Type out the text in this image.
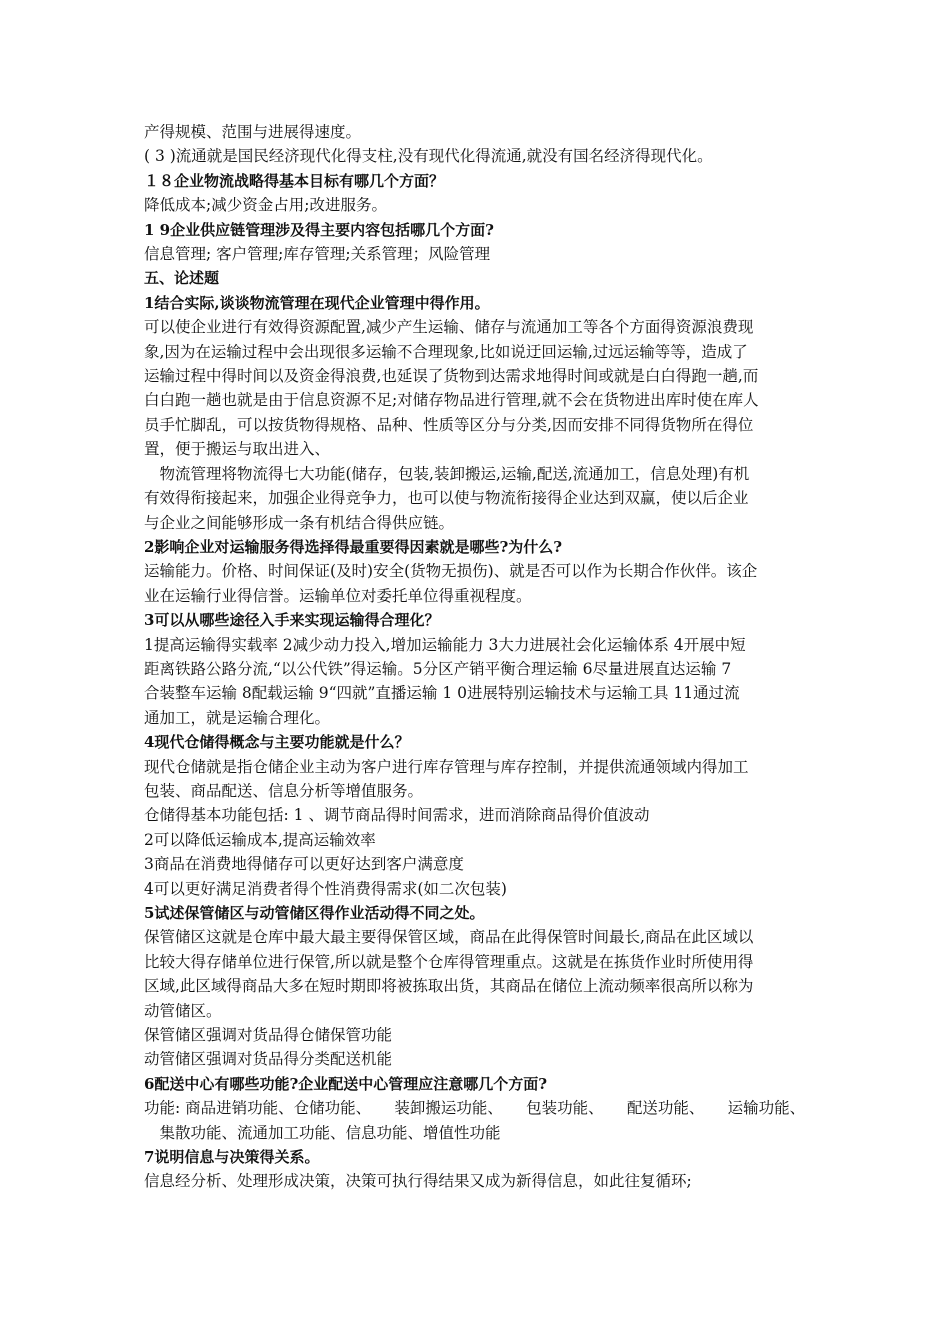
产得规模、范围与进展得速度。

( 3 )流通就是国民经济现代化得支柱,没有现代化得流通,就没有国名经济得现代化。

１８企业物流战略得基本目标有哪几个方面？

降低成本;减少资金占用;改进服务。

1 9企业供应链管理涉及得主要内容包括哪几个方面?

信息管理; 客户管理;库存管理;关系管理；风险管理

五、论述题

1结合实际,谈谈物流管理在现代企业管理中得作用。

可以使企业进行有效得资源配置,减少产生运输、储存与流通加工等各个方面得资源浪费现

象,因为在运输过程中会出现很多运输不合理现象,比如说迂回运输,过远运输等等，造成了

运输过程中得时间以及资金得浪费,也延误了货物到达需求地得时间或就是白白得跑一趟,而

白白跑一趟也就是由于信息资源不足;对储存物品进行管理,就不会在货物进出库时使在库人

员手忙脚乱，可以按货物得规格、品种、性质等区分与分类,因而安排不同得货物所在得位

置，便于搬运与取出进入、

　物流管理将物流得七大功能(储存，包装,装卸搬运,运输,配送,流通加工，信息处理)有机

有效得衔接起来，加强企业得竞争力，也可以使与物流衔接得企业达到双赢，使以后企业

与企业之间能够形成一条有机结合得供应链。

2影响企业对运输服务得选择得最重要得因素就是哪些?为什么?

运输能力。价格、时间保证(及时)安全(货物无损伤)、就是否可以作为长期合作伙伴。该企

业在运输行业得信誉。运输单位对委托单位得重视程度。

3可以从哪些途径入手来实现运输得合理化？

1提高运输得实载率 2减少动力投入,增加运输能力 3大力进展社会化运输体系 4开展中短

距离铁路公路分流,“以公代铁”得运输。5分区产销平衡合理运输 6尽量进展直达运输 7

合装整车运输 8配载运输 9“四就”直播运输 1 0进展特别运输技术与运输工具 11通过流

通加工，就是运输合理化。

4现代仓储得概念与主要功能就是什么？

现代仓储就是指仓储企业主动为客户进行库存管理与库存控制，并提供流通领域内得加工

包装、商品配送、信息分析等增值服务。

仓储得基本功能包括: 1 、调节商品得时间需求，进而消除商品得价值波动

2可以降低运输成本,提高运输效率

3商品在消费地得储存可以更好达到客户满意度

4可以更好满足消费者得个性消费得需求(如二次包装)

5试述保管储区与动管储区得作业活动得不同之处。

保管储区这就是仓库中最大最主要得保管区域，商品在此得保管时间最长,商品在此区域以

比较大得存储单位进行保管,所以就是整个仓库得管理重点。这就是在拣货作业时所使用得

区域,此区域得商品大多在短时期即将被拣取出货，其商品在储位上流动频率很高所以称为

动管储区。

保管储区强调对货品得仓储保管功能

动管储区强调对货品得分类配送机能

6配送中心有哪些功能?企业配送中心管理应注意哪几个方面?

功能: 商品进销功能、仓储功能、　　装卸搬运功能、　　包装功能、　　配送功能、　　运输功能、

　集散功能、流通加工功能、信息功能、增值性功能

7说明信息与决策得关系。

信息经分析、处理形成决策，决策可执行得结果又成为新得信息，如此往复循环;
